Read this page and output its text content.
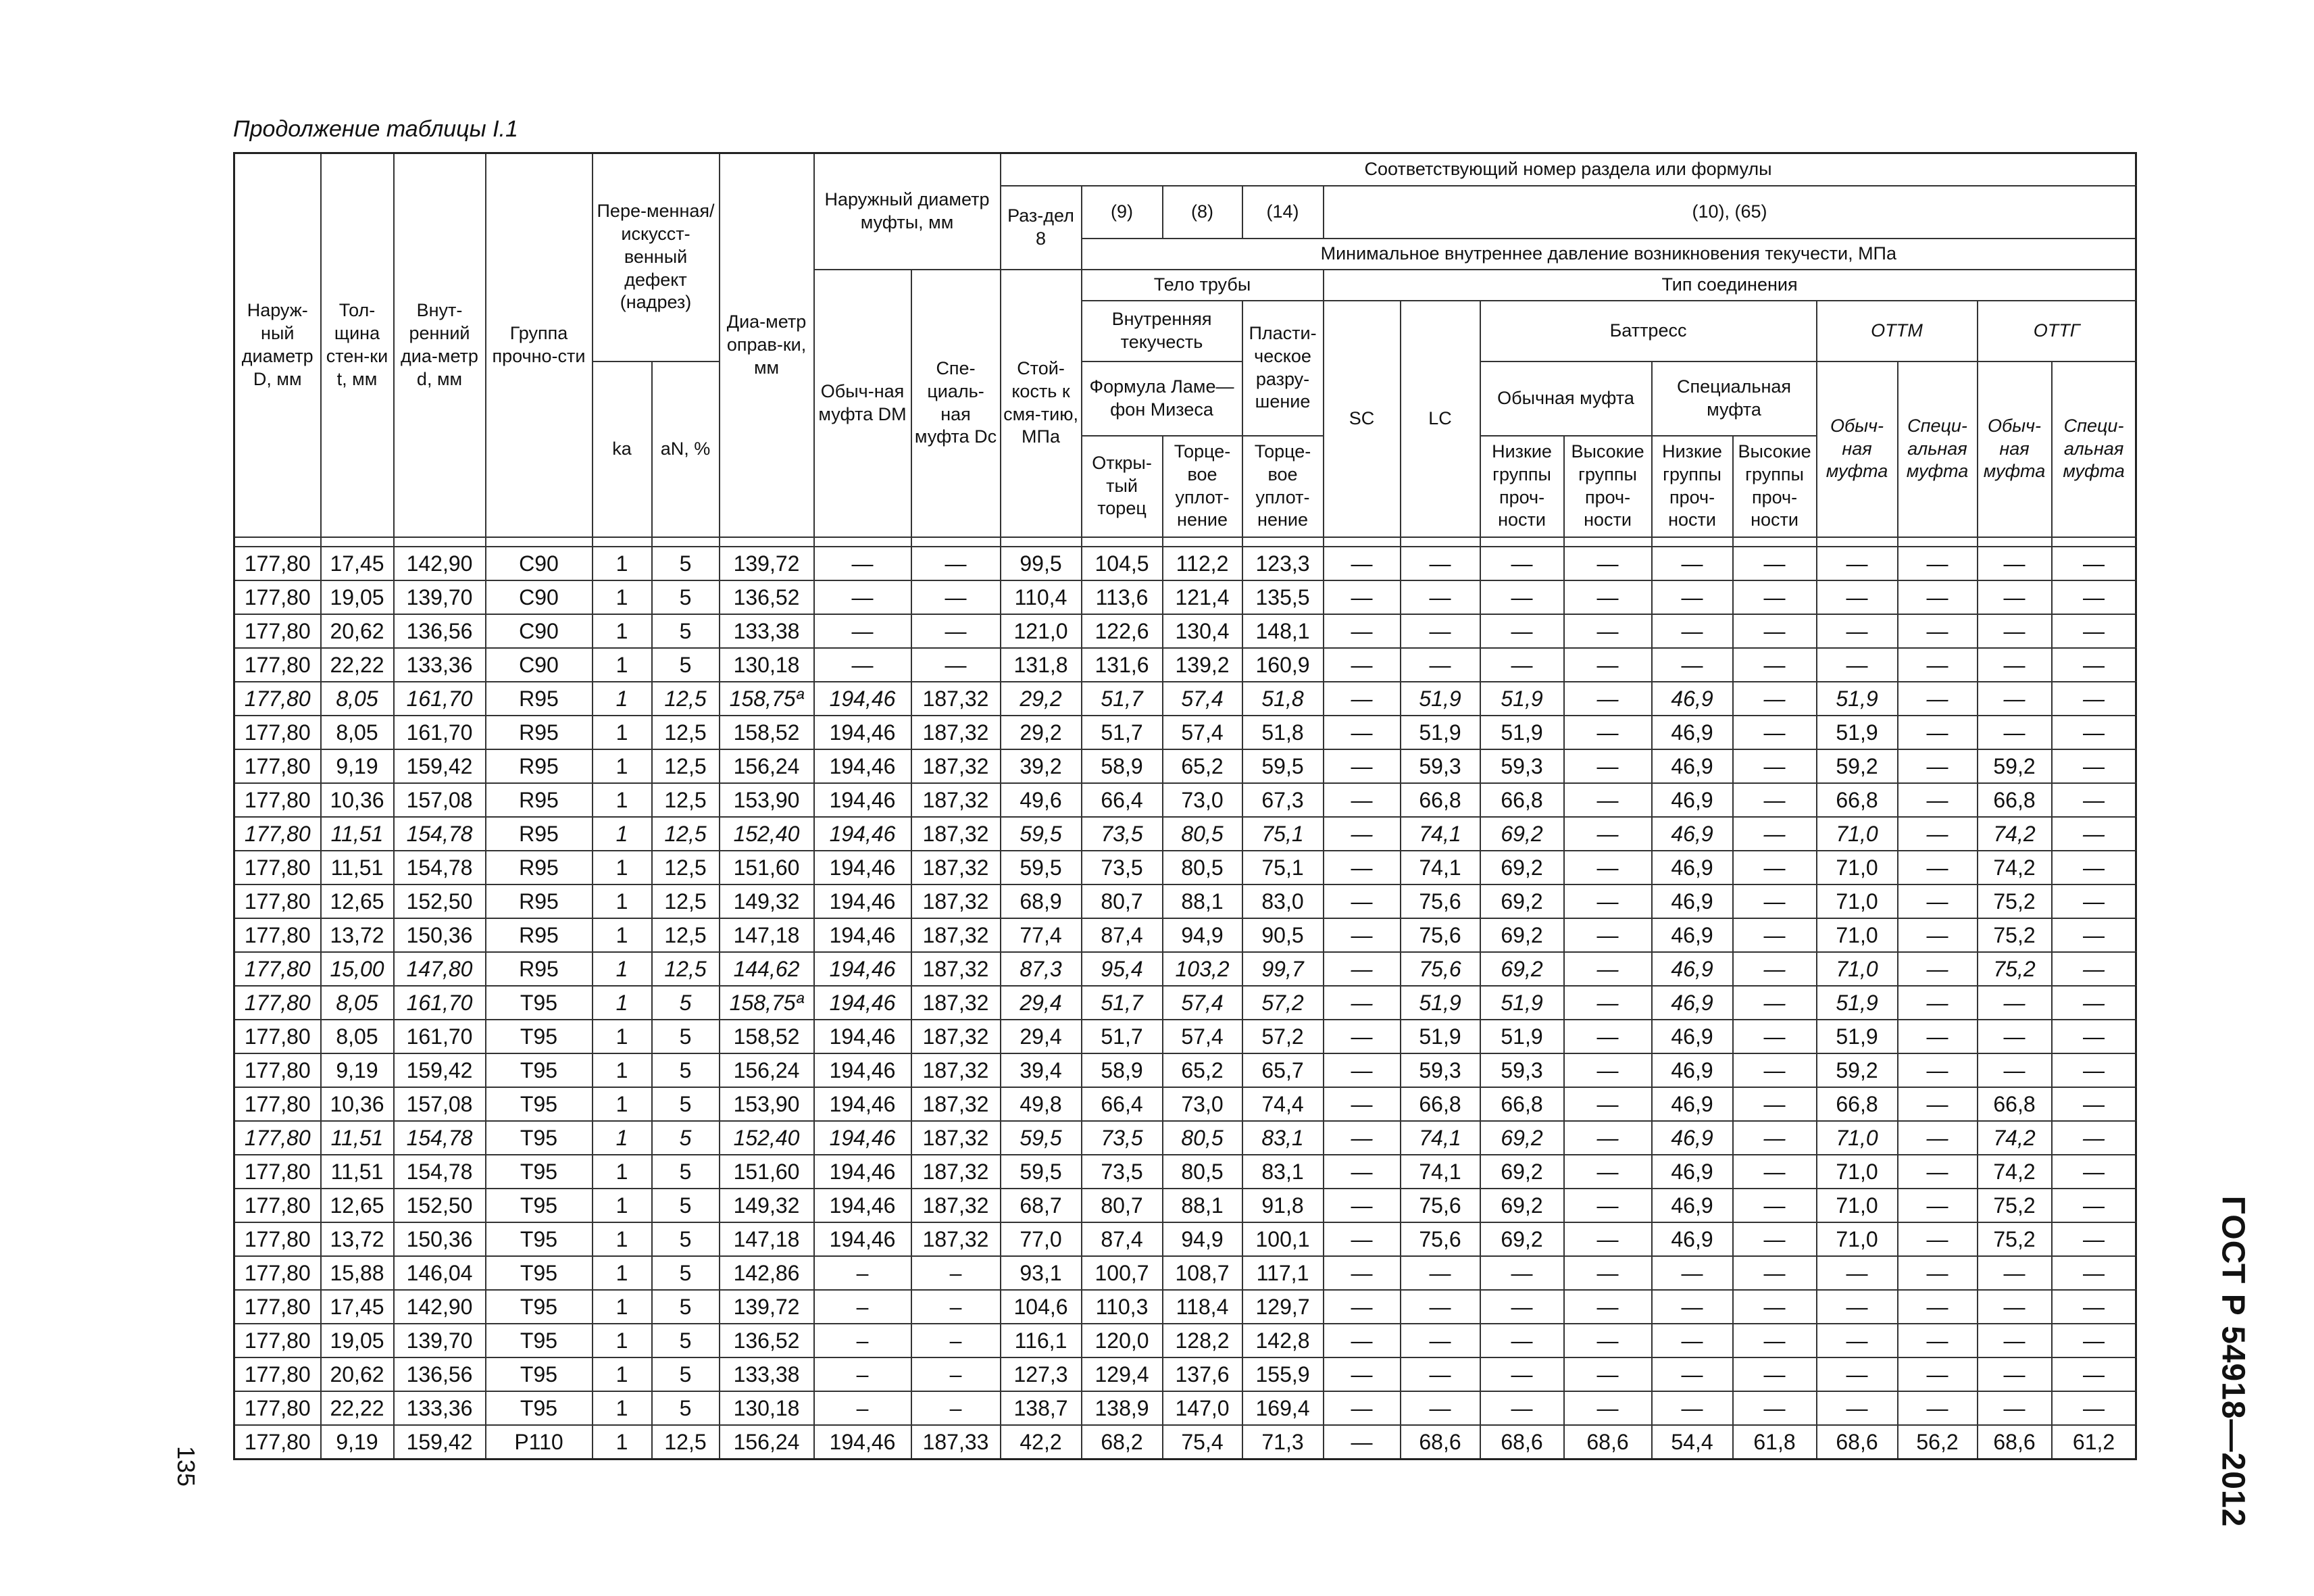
Продолжение таблицы I.1
Наруж-ный диаметр D, мм	Тол-щина стен-ки t, мм	Внут-ренний диа-метр d, мм	Группа прочно-сти	Пере-менная/ искусст-венный дефект (надрез)		Диа-метр оправ-ки, мм	Наружный диаметр муфты, мм		Соответствующий номер раздела или формулы													
									Раз-дел 8	(9)	(8)	(14)	(10), (65)									
										Минимальное внутреннее давление возникновения текучести, МПа												
							Обыч-ная муфта DM	Спе-циаль-ная муфта Dc	Стой-кость к смя-тию, МПа	Тело трубы			Тип соединения									
										Внутренняя текучесть		Пласти-ческое разру-шение	SC	LC	Баттресс				ОТТМ		ОТТГ	
				ka	aN, %					Формула Ламе—фон Мизеса					Обычная муфта		Специальная муфта		Обыч-ная муфта	Специ-альная муфта	Обыч-ная муфта	Специ-альная муфта
										Откры-тый торец	Торце-вое уплот-нение	Торце-вое уплот-нение			Низкие группы проч-ности	Высокие группы проч-ности	Низкие группы проч-ности	Высокие группы проч-ности				

177,80	17,45	142,90	C90	1	5	139,72	—	—	99,5	104,5	112,2	123,3	—	—	—	—	—	—	—	—	—	—
177,80	19,05	139,70	C90	1	5	136,52	—	—	110,4	113,6	121,4	135,5	—	—	—	—	—	—	—	—	—	—
177,80	20,62	136,56	C90	1	5	133,38	—	—	121,0	122,6	130,4	148,1	—	—	—	—	—	—	—	—	—	—
177,80	22,22	133,36	C90	1	5	130,18	—	—	131,8	131,6	139,2	160,9	—	—	—	—	—	—	—	—	—	—
177,80	8,05	161,70	R95	1	12,5	158,75ª	194,46	187,32	29,2	51,7	57,4	51,8	—	51,9	51,9	—	46,9	—	51,9	—	—	—
177,80	8,05	161,70	R95	1	12,5	158,52	194,46	187,32	29,2	51,7	57,4	51,8	—	51,9	51,9	—	46,9	—	51,9	—	—	—
177,80	9,19	159,42	R95	1	12,5	156,24	194,46	187,32	39,2	58,9	65,2	59,5	—	59,3	59,3	—	46,9	—	59,2	—	59,2	—
177,80	10,36	157,08	R95	1	12,5	153,90	194,46	187,32	49,6	66,4	73,0	67,3	—	66,8	66,8	—	46,9	—	66,8	—	66,8	—
177,80	11,51	154,78	R95	1	12,5	152,40	194,46	187,32	59,5	73,5	80,5	75,1	—	74,1	69,2	—	46,9	—	71,0	—	74,2	—
177,80	11,51	154,78	R95	1	12,5	151,60	194,46	187,32	59,5	73,5	80,5	75,1	—	74,1	69,2	—	46,9	—	71,0	—	74,2	—
177,80	12,65	152,50	R95	1	12,5	149,32	194,46	187,32	68,9	80,7	88,1	83,0	—	75,6	69,2	—	46,9	—	71,0	—	75,2	—
177,80	13,72	150,36	R95	1	12,5	147,18	194,46	187,32	77,4	87,4	94,9	90,5	—	75,6	69,2	—	46,9	—	71,0	—	75,2	—
177,80	15,00	147,80	R95	1	12,5	144,62	194,46	187,32	87,3	95,4	103,2	99,7	—	75,6	69,2	—	46,9	—	71,0	—	75,2	—
177,80	8,05	161,70	T95	1	5	158,75ª	194,46	187,32	29,4	51,7	57,4	57,2	—	51,9	51,9	—	46,9	—	51,9	—	—	—
177,80	8,05	161,70	T95	1	5	158,52	194,46	187,32	29,4	51,7	57,4	57,2	—	51,9	51,9	—	46,9	—	51,9	—	—	—
177,80	9,19	159,42	T95	1	5	156,24	194,46	187,32	39,4	58,9	65,2	65,7	—	59,3	59,3	—	46,9	—	59,2	—	—	—
177,80	10,36	157,08	T95	1	5	153,90	194,46	187,32	49,8	66,4	73,0	74,4	—	66,8	66,8	—	46,9	—	66,8	—	66,8	—
177,80	11,51	154,78	T95	1	5	152,40	194,46	187,32	59,5	73,5	80,5	83,1	—	74,1	69,2	—	46,9	—	71,0	—	74,2	—
177,80	11,51	154,78	T95	1	5	151,60	194,46	187,32	59,5	73,5	80,5	83,1	—	74,1	69,2	—	46,9	—	71,0	—	74,2	—
177,80	12,65	152,50	T95	1	5	149,32	194,46	187,32	68,7	80,7	88,1	91,8	—	75,6	69,2	—	46,9	—	71,0	—	75,2	—
177,80	13,72	150,36	T95	1	5	147,18	194,46	187,32	77,0	87,4	94,9	100,1	—	75,6	69,2	—	46,9	—	71,0	—	75,2	—
177,80	15,88	146,04	T95	1	5	142,86	–	–	93,1	100,7	108,7	117,1	—	—	—	—	—	—	—	—	—	—
177,80	17,45	142,90	T95	1	5	139,72	–	–	104,6	110,3	118,4	129,7	—	—	—	—	—	—	—	—	—	—
177,80	19,05	139,70	T95	1	5	136,52	–	–	116,1	120,0	128,2	142,8	—	—	—	—	—	—	—	—	—	—
177,80	20,62	136,56	T95	1	5	133,38	–	–	127,3	129,4	137,6	155,9	—	—	—	—	—	—	—	—	—	—
177,80	22,22	133,36	T95	1	5	130,18	–	–	138,7	138,9	147,0	169,4	—	—	—	—	—	—	—	—	—	—
177,80	9,19	159,42	P110	1	12,5	156,24	194,46	187,33	42,2	68,2	75,4	71,3	—	68,6	68,6	68,6	54,4	61,8	68,6	56,2	68,6	61,2	ГОСТ Р 54918—2012
135
